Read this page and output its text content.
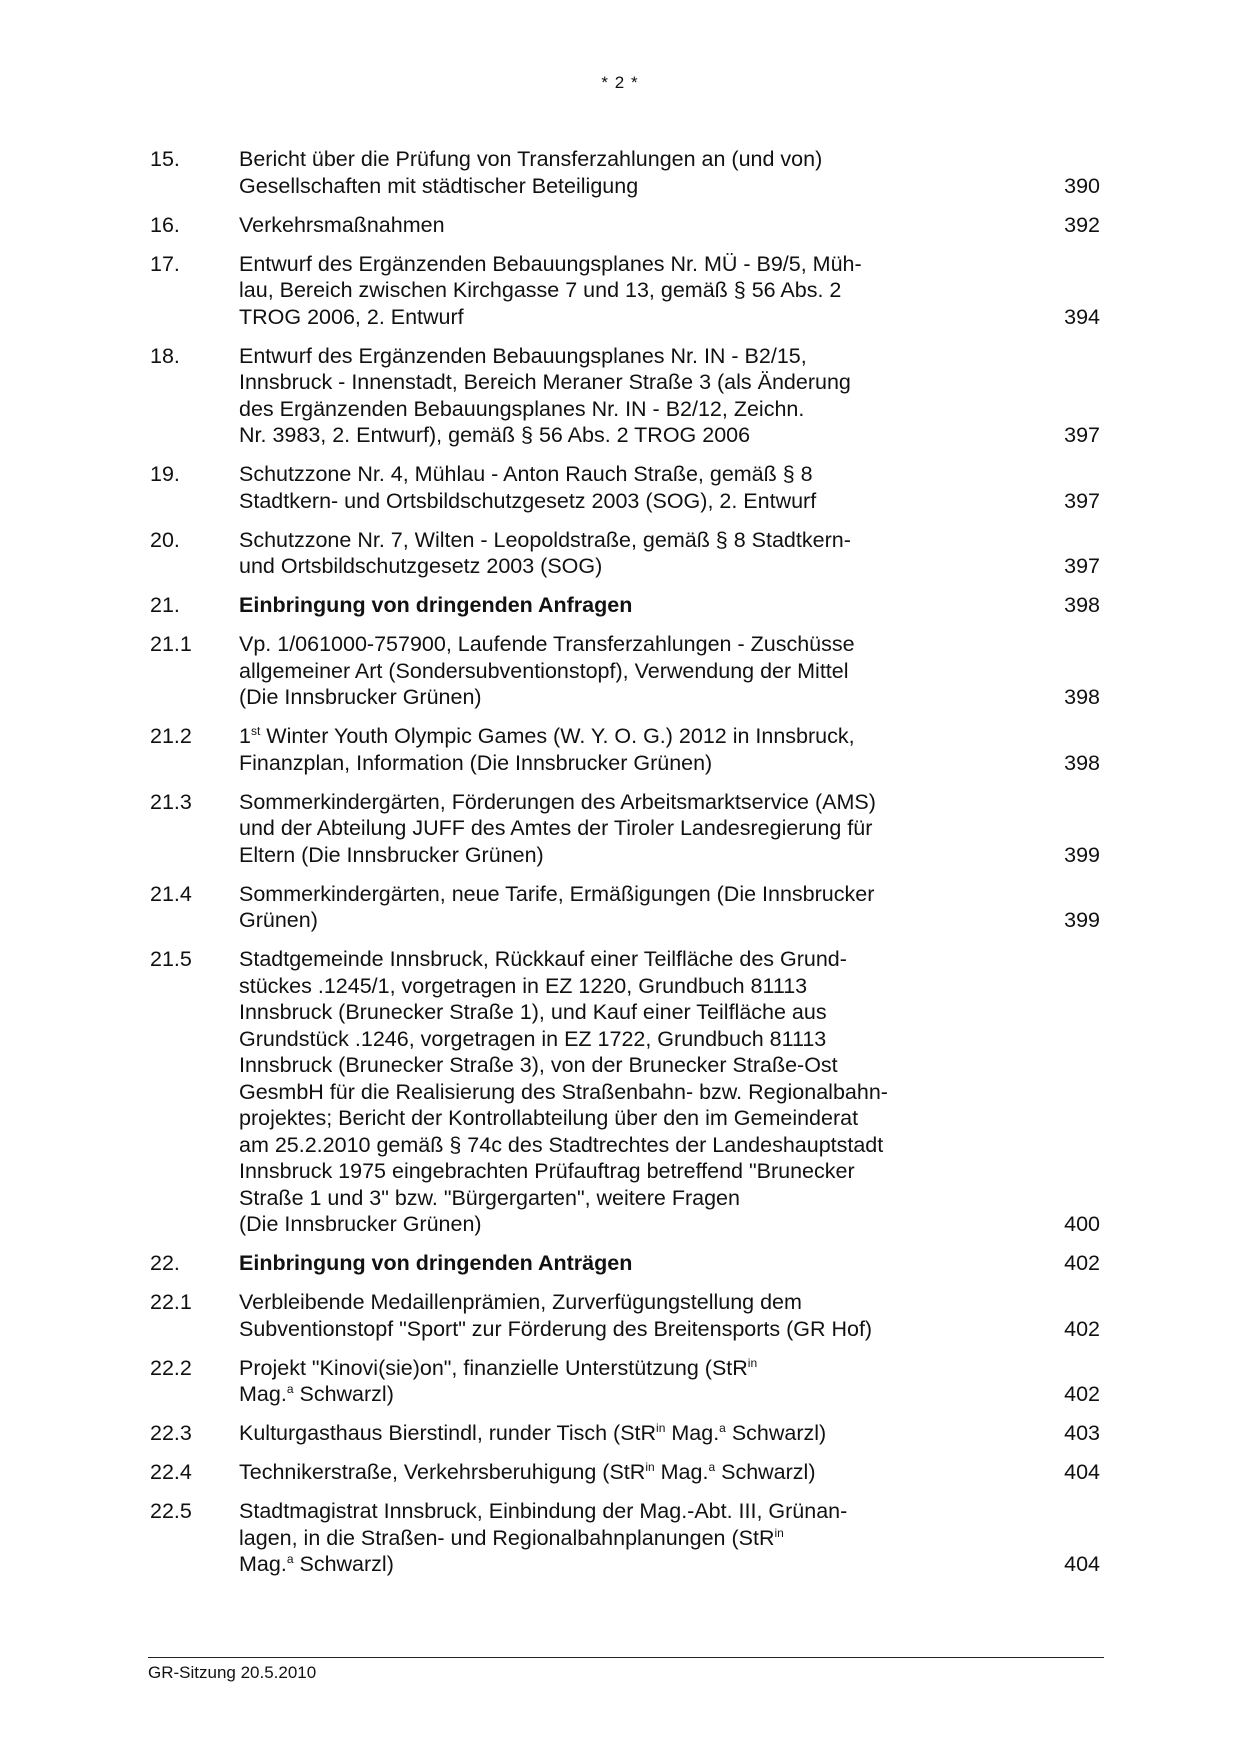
* 2 *
15.	Bericht über die Prüfung von Transferzahlungen an (und von)
Gesellschaften mit städtischer Beteiligung	390
16.	Verkehrsmaßnahmen	392
17.	Entwurf des Ergänzenden Bebauungsplanes Nr. MÜ - B9/5, Müh-
lau, Bereich zwischen Kirchgasse 7 und 13, gemäß § 56 Abs. 2
TROG 2006, 2. Entwurf	394
18.	Entwurf des Ergänzenden Bebauungsplanes Nr. IN - B2/15,
Innsbruck - Innenstadt, Bereich Meraner Straße 3 (als Änderung
des Ergänzenden Bebauungsplanes Nr. IN - B2/12, Zeichn.
Nr. 3983, 2. Entwurf), gemäß § 56 Abs. 2 TROG 2006	397
19.	Schutzzone Nr. 4, Mühlau - Anton Rauch Straße, gemäß § 8
Stadtkern- und Ortsbildschutzgesetz 2003 (SOG), 2. Entwurf	397
20.	Schutzzone Nr. 7, Wilten - Leopoldstraße, gemäß § 8 Stadtkern-
und Ortsbildschutzgesetz 2003 (SOG)	397
21.	Einbringung von dringenden Anfragen	398
21.1	Vp. 1/061000-757900, Laufende Transferzahlungen - Zuschüsse
allgemeiner Art (Sondersubventionstopf), Verwendung der Mittel
(Die Innsbrucker Grünen)	398
21.2	1st Winter Youth Olympic Games (W. Y. O. G.) 2012 in Innsbruck,
Finanzplan, Information (Die Innsbrucker Grünen)	398
21.3	Sommerkindergärten, Förderungen des Arbeitsmarktservice (AMS)
und der Abteilung JUFF des Amtes der Tiroler Landesregierung für
Eltern (Die Innsbrucker Grünen)	399
21.4	Sommerkindergärten, neue Tarife, Ermäßigungen (Die Innsbrucker
Grünen)	399
21.5	Stadtgemeinde Innsbruck, Rückkauf einer Teilfläche des Grund-
stückes .1245/1, vorgetragen in EZ 1220, Grundbuch 81113
Innsbruck (Brunecker Straße 1), und Kauf einer Teilfläche aus
Grundstück .1246, vorgetragen in EZ 1722, Grundbuch 81113
Innsbruck (Brunecker Straße 3), von der Brunecker Straße-Ost
GesmbH für die Realisierung des Straßenbahn- bzw. Regionalbahn-
projektes; Bericht der Kontrollabteilung über den im Gemeinderat
am 25.2.2010 gemäß § 74c des Stadtrechtes der Landeshauptstadt
Innsbruck 1975 eingebrachten Prüfauftrag betreffend "Brunecker
Straße 1 und 3" bzw. "Bürgergarten", weitere Fragen
(Die Innsbrucker Grünen)	400
22.	Einbringung von dringenden Anträgen	402
22.1	Verbleibende Medaillenprämien, Zurverfügungstellung dem
Subventionstopf "Sport" zur Förderung des Breitensports (GR Hof)	402
22.2	Projekt "Kinovi(sie)on", finanzielle Unterstützung (StR$^{in}$
Mag.$^a$ Schwarzl)	402
22.3	Kulturgasthaus Bierstindl, runder Tisch (StR$^{in}$ Mag.$^a$ Schwarzl)	403
22.4	Technikerstraße, Verkehrsberuhigung (StR$^{in}$ Mag.$^a$ Schwarzl)	404
22.5	Stadtmagistrat Innsbruck, Einbindung der Mag.-Abt. III, Grünan-
lagen, in die Straßen- und Regionalbahnplanungen (StR$^{in}$
Mag.$^a$ Schwarzl)	404
GR-Sitzung 20.5.2010
